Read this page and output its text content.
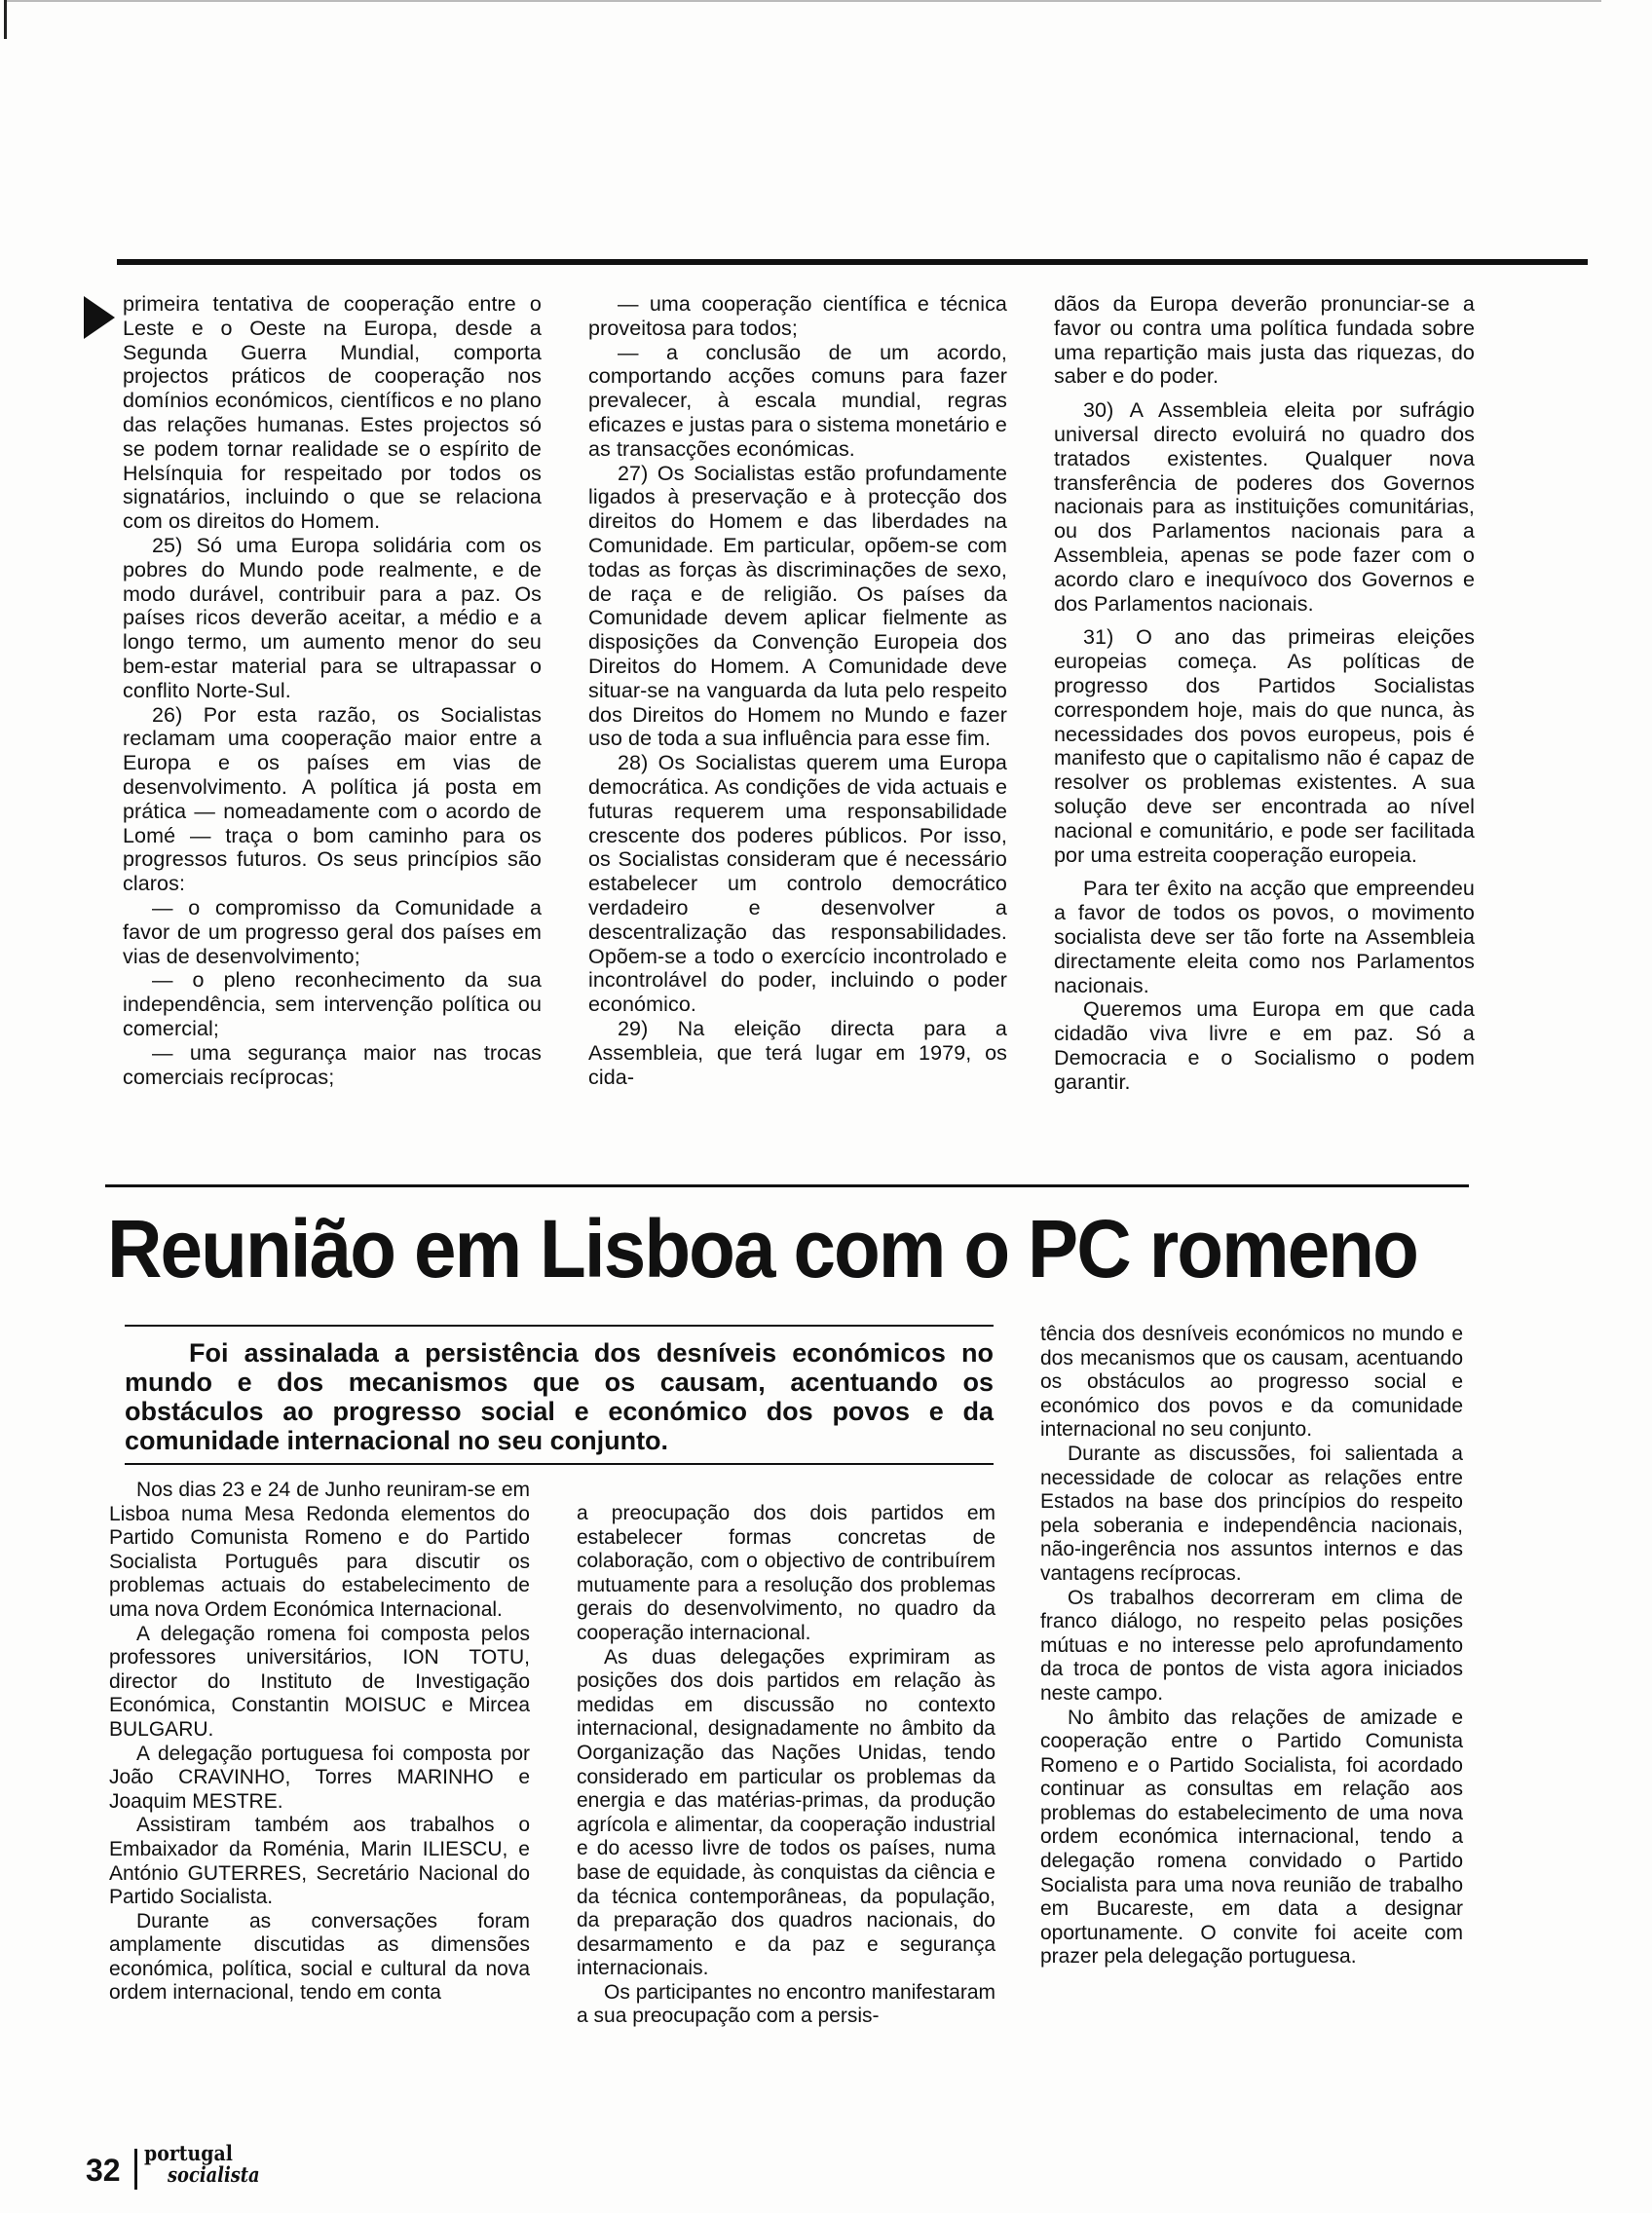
primeira tentativa de cooperação entre o Leste e o Oeste na Europa, desde a Segunda Guerra Mundial, comporta projectos práticos de cooperação nos domínios económicos, científicos e no plano das relações humanas. Estes projectos só se podem tornar realidade se o espírito de Helsínquia for respeitado por todos os signatários, incluindo o que se relaciona com os direitos do Homem.

25) Só uma Europa solidária com os pobres do Mundo pode realmente, e de modo durável, contribuir para a paz. Os países ricos deverão aceitar, a médio e a longo termo, um aumento menor do seu bem-estar material para se ultrapassar o conflito Norte-Sul.

26) Por esta razão, os Socialistas reclamam uma cooperação maior entre a Europa e os países em vias de desenvolvimento. A política já posta em prática — nomeadamente com o acordo de Lomé — traça o bom caminho para os progressos futuros. Os seus princípios são claros:

— o compromisso da Comunidade a favor de um progresso geral dos países em vias de desenvolvimento;

— o pleno reconhecimento da sua independência, sem intervenção política ou comercial;

— uma segurança maior nas trocas comerciais recíprocas;

— uma cooperação científica e técnica proveitosa para todos;

— a conclusão de um acordo, comportando acções comuns para fazer prevalecer, à escala mundial, regras eficazes e justas para o sistema monetário e as transacções económicas.

27) Os Socialistas estão profundamente ligados à preservação e à protecção dos direitos do Homem e das liberdades na Comunidade. Em particular, opõem-se com todas as forças às discriminações de sexo, de raça e de religião. Os países da Comunidade devem aplicar fielmente as disposições da Convenção Europeia dos Direitos do Homem. A Comunidade deve situar-se na vanguarda da luta pelo respeito dos Direitos do Homem no Mundo e fazer uso de toda a sua influência para esse fim.

28) Os Socialistas querem uma Europa democrática. As condições de vida actuais e futuras requerem uma responsabilidade crescente dos poderes públicos. Por isso, os Socialistas consideram que é necessário estabelecer um controlo democrático verdadeiro e desenvolver a descentralização das responsabilidades. Opõem-se a todo o exercício incontrolado e incontrolável do poder, incluindo o poder económico.

29) Na eleição directa para a Assembleia, que terá lugar em 1979, os cida-

dãos da Europa deverão pronunciar-se a favor ou contra uma política fundada sobre uma repartição mais justa das riquezas, do saber e do poder.

30) A Assembleia eleita por sufrágio universal directo evoluirá no quadro dos tratados existentes. Qualquer nova transferência de poderes dos Governos nacionais para as instituições comunitárias, ou dos Parlamentos nacionais para a Assembleia, apenas se pode fazer com o acordo claro e inequívoco dos Governos e dos Parlamentos nacionais.

31) O ano das primeiras eleições europeias começa. As políticas de progresso dos Partidos Socialistas correspondem hoje, mais do que nunca, às necessidades dos povos europeus, pois é manifesto que o capitalismo não é capaz de resolver os problemas existentes. A sua solução deve ser encontrada ao nível nacional e comunitário, e pode ser facilitada por uma estreita cooperação europeia.

Para ter êxito na acção que empreendeu a favor de todos os povos, o movimento socialista deve ser tão forte na Assembleia directamente eleita como nos Parlamentos nacionais.

Queremos uma Europa em que cada cidadão viva livre e em paz. Só a Democracia e o Socialismo o podem garantir.

Reunião em Lisboa com o PC romeno

Foi assinalada a persistência dos desníveis económicos no mundo e dos mecanismos que os causam, acentuando os obstáculos ao progresso social e económico dos povos e da comunidade internacional no seu conjunto.

Nos dias 23 e 24 de Junho reuniram-se em Lisboa numa Mesa Redonda elementos do Partido Comunista Romeno e do Partido Socialista Português para discutir os problemas actuais do estabelecimento de uma nova Ordem Económica Internacional.

A delegação romena foi composta pelos professores universitários, ION TOTU, director do Instituto de Investigação Económica, Constantin MOISUC e Mircea BULGARU.

A delegação portuguesa foi composta por João CRAVINHO, Torres MARINHO e Joaquim MESTRE.

Assistiram também aos trabalhos o Embaixador da Roménia, Marin ILIESCU, e António GUTERRES, Secretário Nacional do Partido Socialista.

Durante as conversações foram amplamente discutidas as dimensões económica, política, social e cultural da nova ordem internacional, tendo em conta

a preocupação dos dois partidos em estabelecer formas concretas de colaboração, com o objectivo de contribuírem mutuamente para a resolução dos problemas gerais do desenvolvimento, no quadro da cooperação internacional.

As duas delegações exprimiram as posições dos dois partidos em relação às medidas em discussão no contexto internacional, designadamente no âmbito da Oorganização das Nações Unidas, tendo considerado em particular os problemas da energia e das matérias-primas, da produção agrícola e alimentar, da cooperação industrial e do acesso livre de todos os países, numa base de equidade, às conquistas da ciência e da técnica contemporâneas, da população, da preparação dos quadros nacionais, do desarmamento e da paz e segurança internacionais.

Os participantes no encontro manifestaram a sua preocupação com a persis-

tência dos desníveis económicos no mundo e dos mecanismos que os causam, acentuando os obstáculos ao progresso social e económico dos povos e da comunidade internacional no seu conjunto.

Durante as discussões, foi salientada a necessidade de colocar as relações entre Estados na base dos princípios do respeito pela soberania e independência nacionais, não-ingerência nos assuntos internos e das vantagens recíprocas.

Os trabalhos decorreram em clima de franco diálogo, no respeito pelas posições mútuas e no interesse pelo aprofundamento da troca de pontos de vista agora iniciados neste campo.

No âmbito das relações de amizade e cooperação entre o Partido Comunista Romeno e o Partido Socialista, foi acordado continuar as consultas em relação aos problemas do estabelecimento de uma nova ordem económica internacional, tendo a delegação romena convidado o Partido Socialista para uma nova reunião de trabalho em Bucareste, em data a designar oportunamente. O convite foi aceite com prazer pela delegação portuguesa.

32 portugal
socialista
